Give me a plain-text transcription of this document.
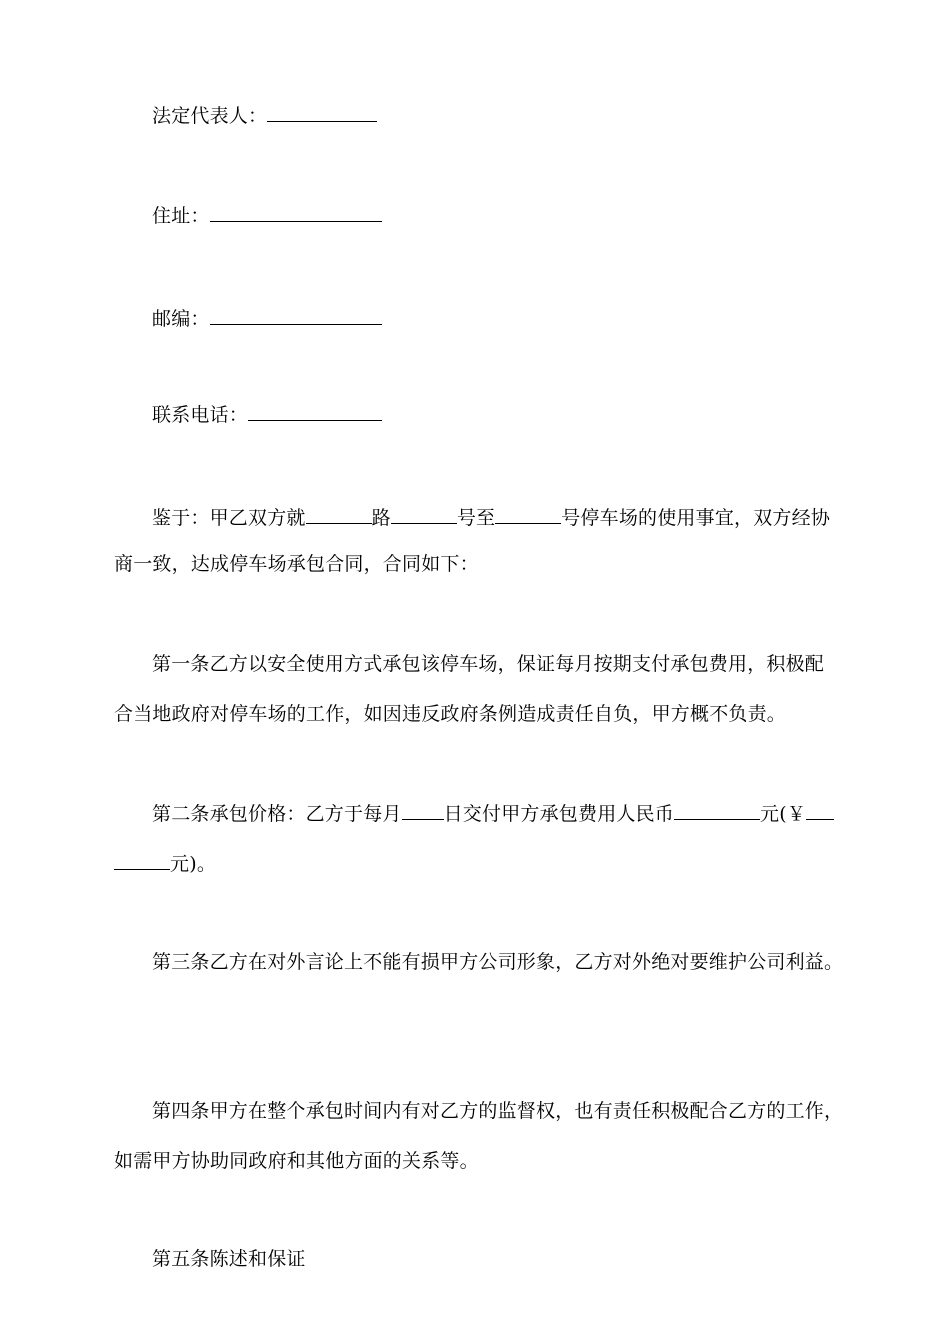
法定代表人：
住址：
邮编：
联系电话：
鉴于：甲乙双方就	路	号至	号停车场的使用事宜，双方经协
商一致，达成停车场承包合同，合同如下：
第一条乙方以安全使用方式承包该停车场，保证每月按期支付承包费用，积极配
合当地政府对停车场的工作，如因违反政府条例造成责任自负，甲方概不负责。
第二条承包价格：乙方于每月 日交付甲方承包费用人民币	元(￥
元)。
第三条乙方在对外言论上不能有损甲方公司形象，乙方对外绝对要维护公司利益。
第四条甲方在整个承包时间内有对乙方的监督权，也有责任积极配合乙方的工作，
如需甲方协助同政府和其他方面的关系等。
第五条陈述和保证
